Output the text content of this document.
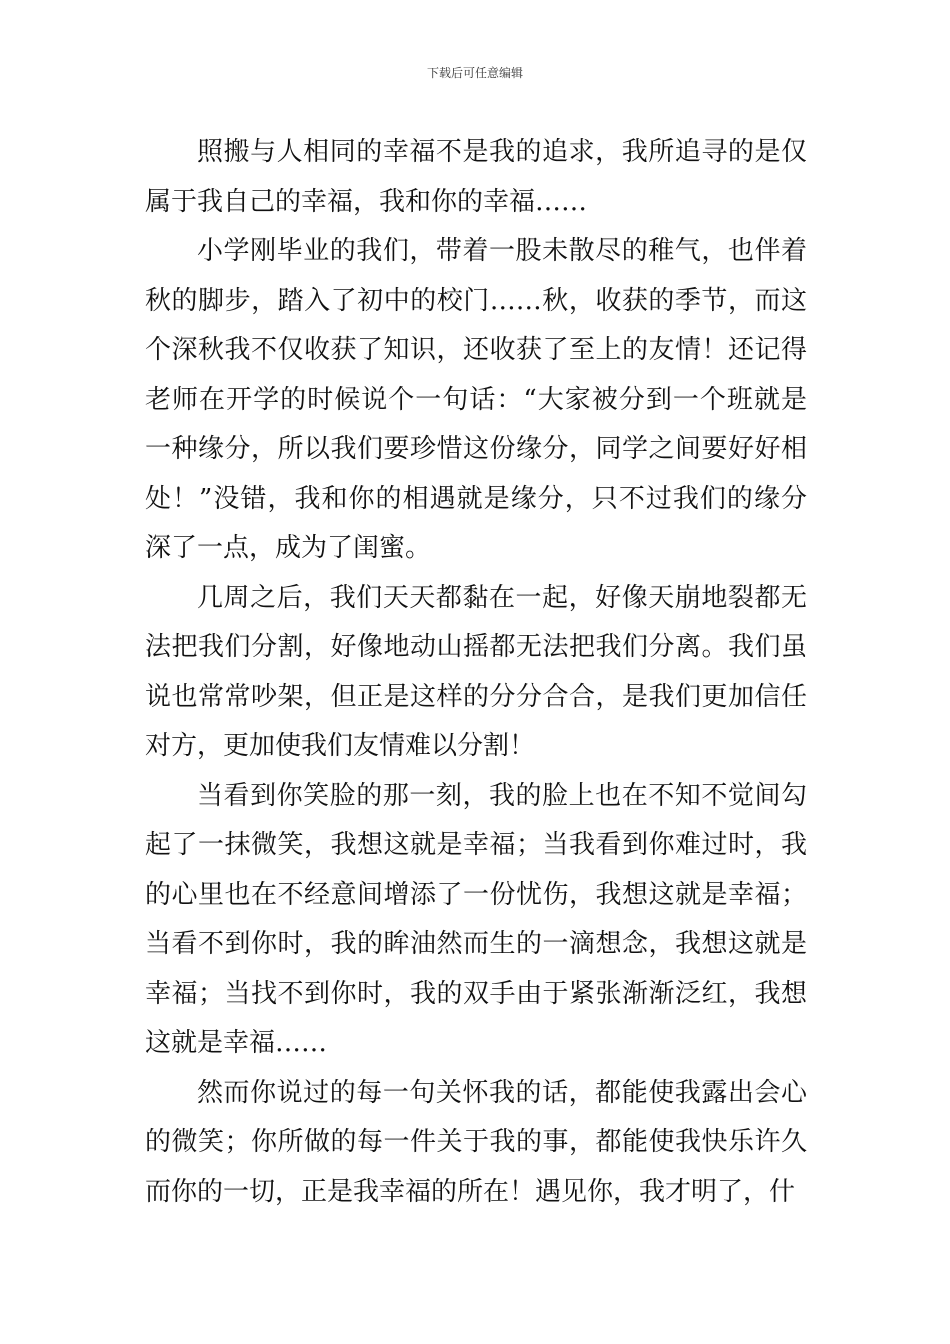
下载后可任意编辑

照搬与人相同的幸福不是我的追求，我所追寻的是仅属于我自己的幸福，我和你的幸福……

小学刚毕业的我们，带着一股未散尽的稚气，也伴着秋的脚步，踏入了初中的校门……秋，收获的季节，而这个深秋我不仅收获了知识，还收获了至上的友情！还记得老师在开学的时候说个一句话：“大家被分到一个班就是一种缘分，所以我们要珍惜这份缘分，同学之间要好好相处！”没错，我和你的相遇就是缘分，只不过我们的缘分深了一点，成为了闺蜜。

几周之后，我们天天都黏在一起，好像天崩地裂都无法把我们分割，好像地动山摇都无法把我们分离。我们虽说也常常吵架，但正是这样的分分合合，是我们更加信任对方，更加使我们友情难以分割！

当看到你笑脸的那一刻，我的脸上也在不知不觉间勾起了一抹微笑，我想这就是幸福；当我看到你难过时，我的心里也在不经意间增添了一份忧伤，我想这就是幸福；当看不到你时，我的眸油然而生的一滴想念，我想这就是幸福；当找不到你时，我的双手由于紧张渐渐泛红，我想这就是幸福……

然而你说过的每一句关怀我的话，都能使我露出会心的微笑；你所做的每一件关于我的事，都能使我快乐许久而你的一切，正是我幸福的所在！遇见你，我才明了，什
